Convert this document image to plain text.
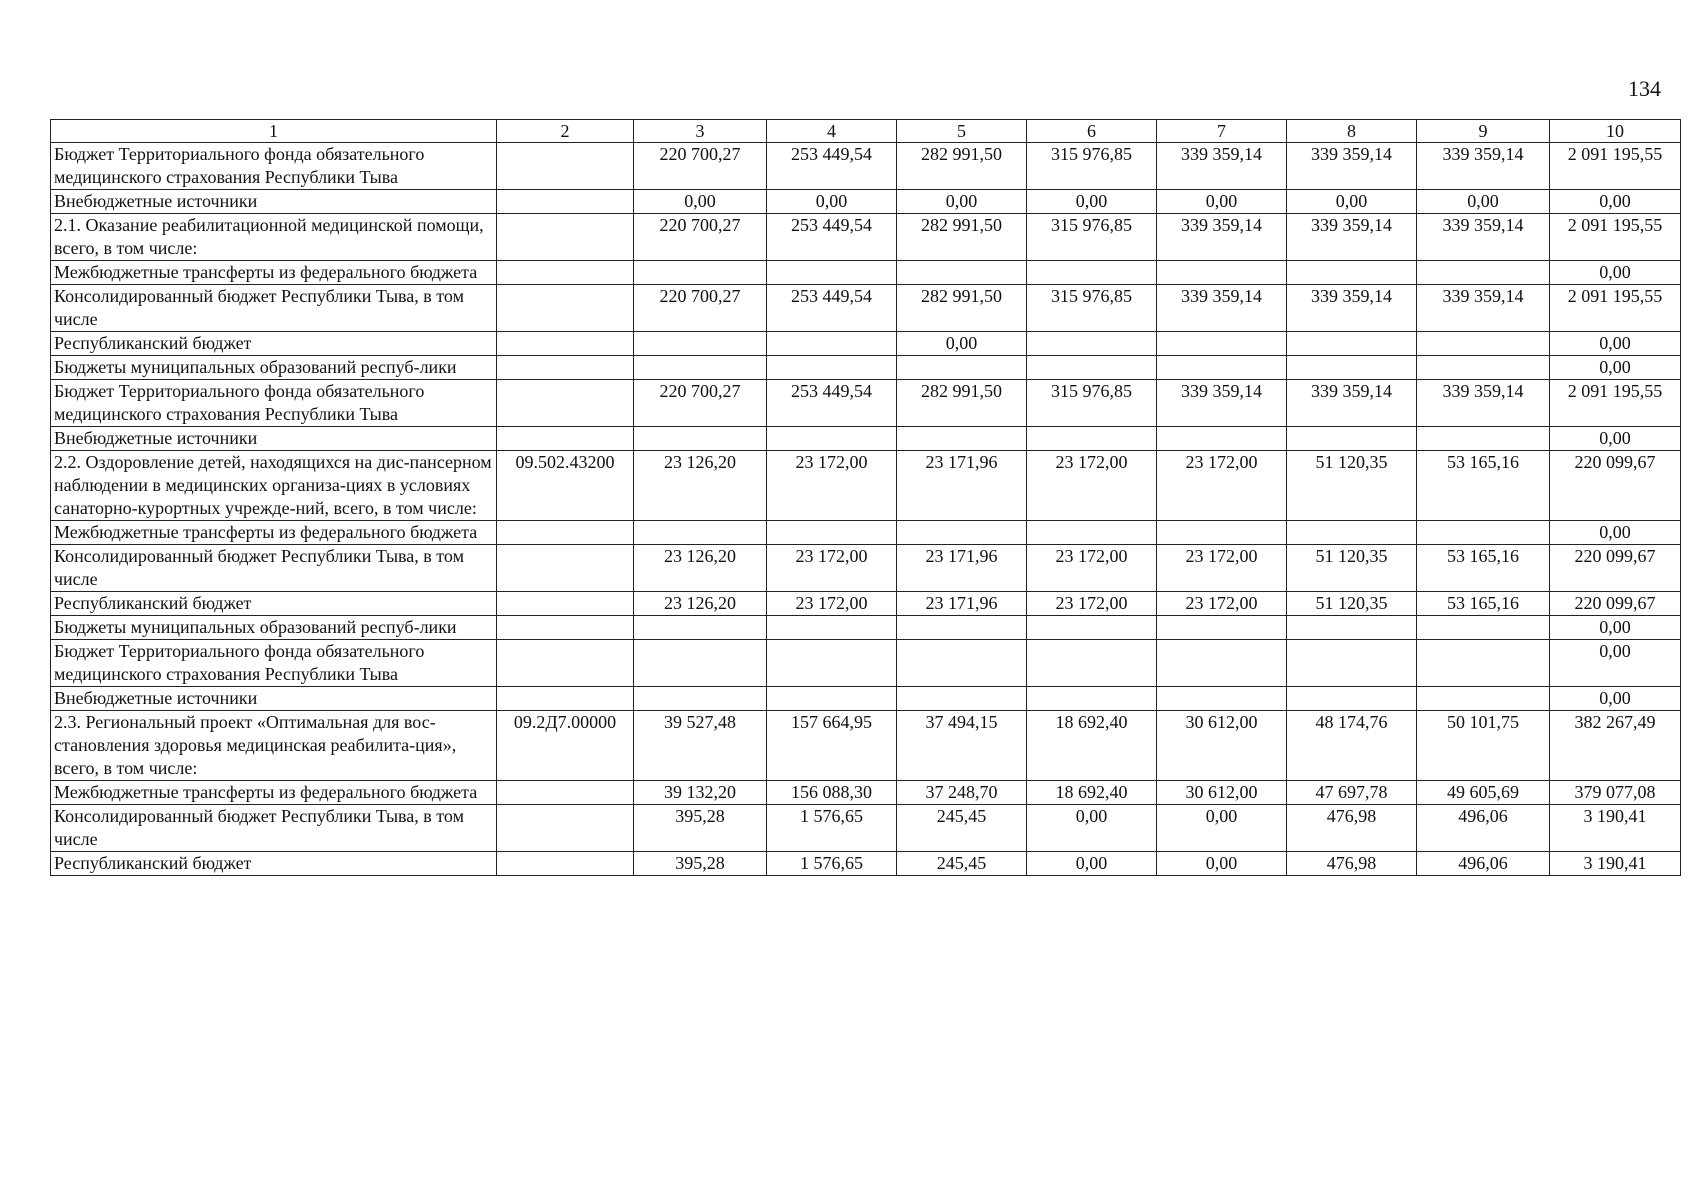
134
1	2	3	4	5	6	7	8	9	10
Бюджет Территориального фонда обязательного медицинского страхования Республики Тыва		220 700,27	253 449,54	282 991,50	315 976,85	339 359,14	339 359,14	339 359,14	2 091 195,55
Внебюджетные источники		0,00	0,00	0,00	0,00	0,00	0,00	0,00	0,00
2.1. Оказание реабилитационной медицинской помощи, всего, в том числе:		220 700,27	253 449,54	282 991,50	315 976,85	339 359,14	339 359,14	339 359,14	2 091 195,55
Межбюджетные трансферты из федерального бюджета									0,00
Консолидированный бюджет Республики Тыва, в том числе		220 700,27	253 449,54	282 991,50	315 976,85	339 359,14	339 359,14	339 359,14	2 091 195,55
Республиканский бюджет				0,00					0,00
Бюджеты муниципальных образований респуб-лики									0,00
Бюджет Территориального фонда обязательного медицинского страхования Республики Тыва		220 700,27	253 449,54	282 991,50	315 976,85	339 359,14	339 359,14	339 359,14	2 091 195,55
Внебюджетные источники									0,00
2.2. Оздоровление детей, находящихся на дис-пансерном наблюдении в медицинских организа-циях в условиях санаторно-курортных учрежде-ний, всего, в том числе:	09.502.43200	23 126,20	23 172,00	23 171,96	23 172,00	23 172,00	51 120,35	53 165,16	220 099,67
Межбюджетные трансферты из федерального бюджета									0,00
Консолидированный бюджет Республики Тыва, в том числе		23 126,20	23 172,00	23 171,96	23 172,00	23 172,00	51 120,35	53 165,16	220 099,67
Республиканский бюджет		23 126,20	23 172,00	23 171,96	23 172,00	23 172,00	51 120,35	53 165,16	220 099,67
Бюджеты муниципальных образований респуб-лики									0,00
Бюджет Территориального фонда обязательного медицинского страхования Республики Тыва									0,00
Внебюджетные источники									0,00
2.3. Региональный проект «Оптимальная для вос-становления здоровья медицинская реабилита-ция», всего, в том числе:	09.2Д7.00000	39 527,48	157 664,95	37 494,15	18 692,40	30 612,00	48 174,76	50 101,75	382 267,49
Межбюджетные трансферты из федерального бюджета		39 132,20	156 088,30	37 248,70	18 692,40	30 612,00	47 697,78	49 605,69	379 077,08
Консолидированный бюджет Республики Тыва, в том числе		395,28	1 576,65	245,45	0,00	0,00	476,98	496,06	3 190,41
Республиканский бюджет		395,28	1 576,65	245,45	0,00	0,00	476,98	496,06	3 190,41
